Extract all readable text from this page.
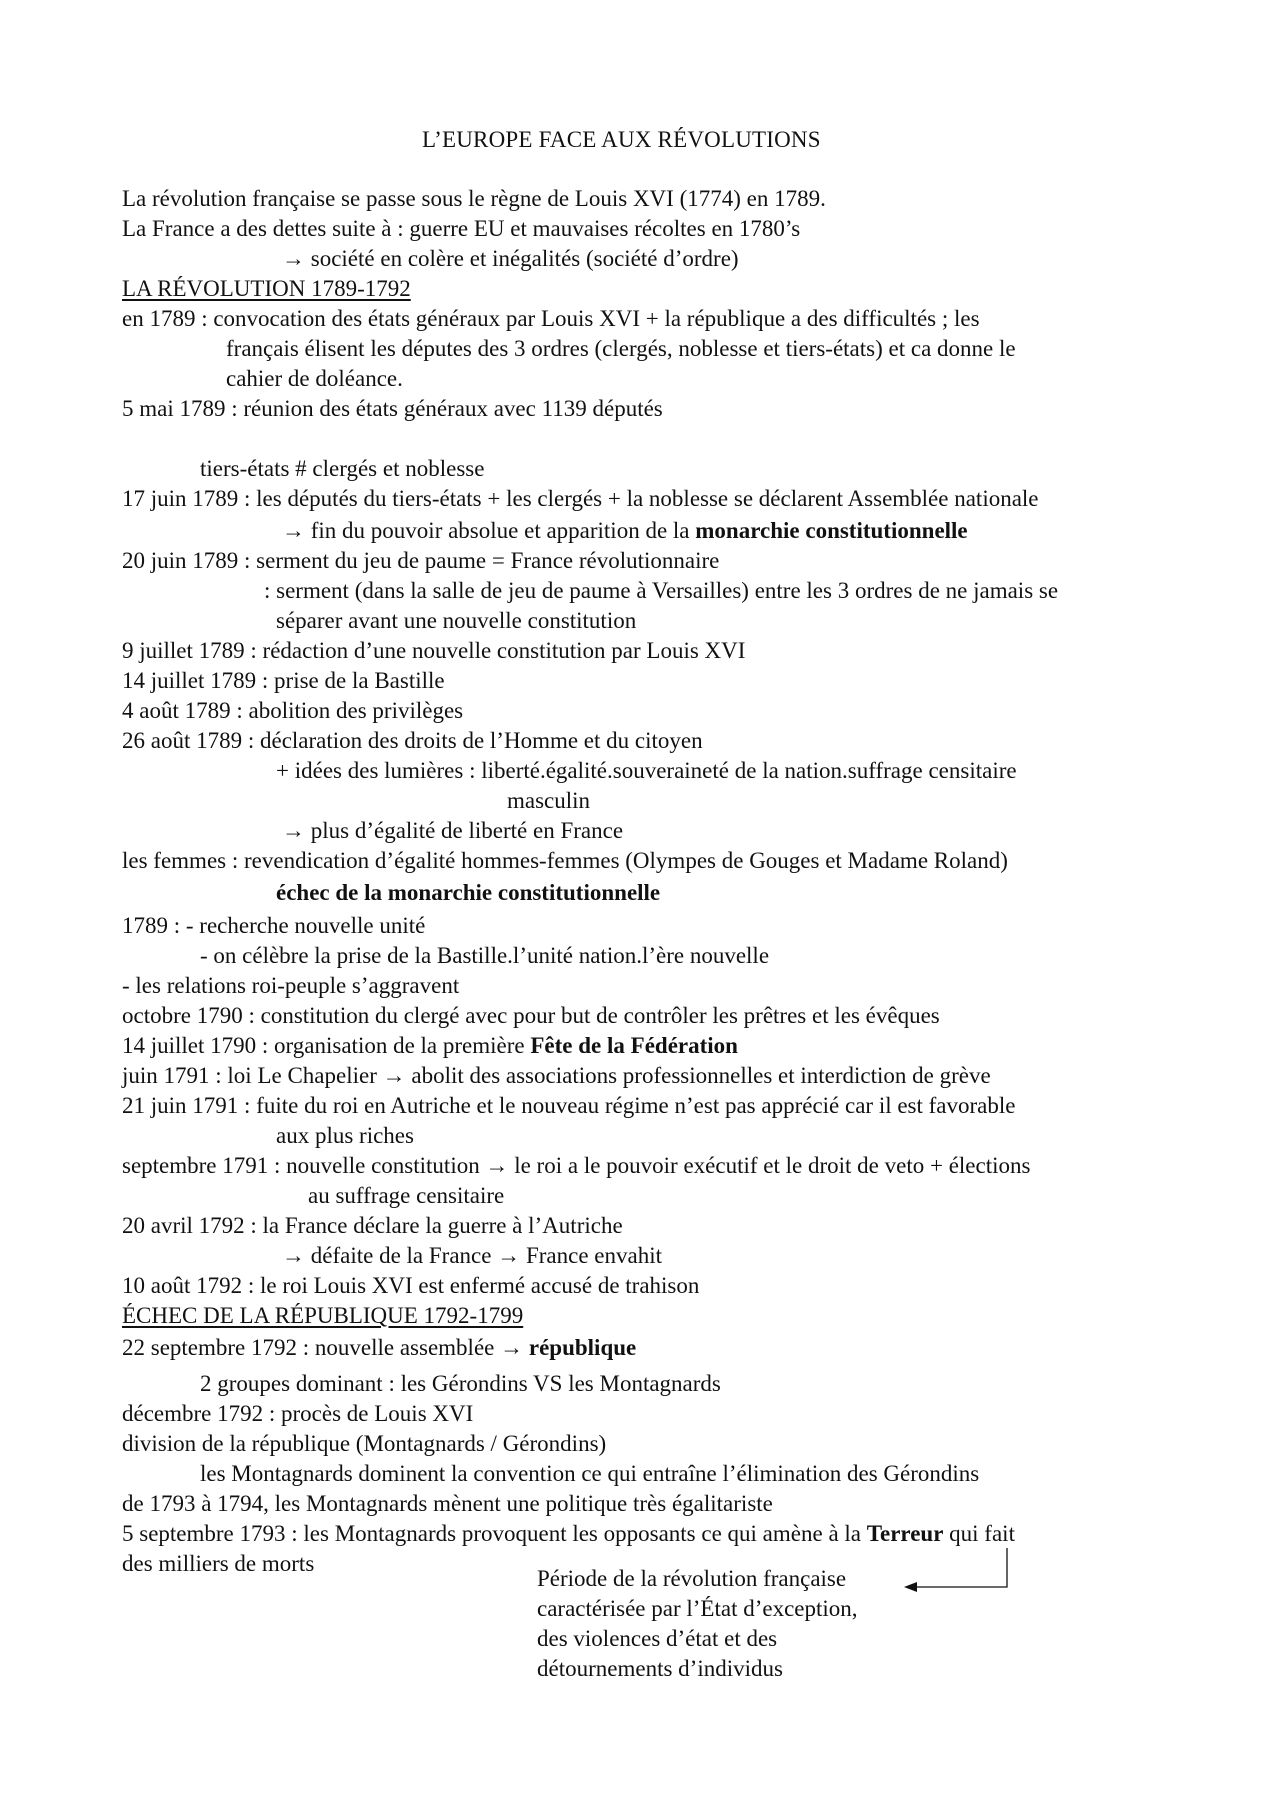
L’EUROPE FACE AUX RÉVOLUTIONS
La révolution française se passe sous le règne de Louis XVI (1774) en 1789.
La France a des dettes suite à : guerre EU et mauvaises récoltes en 1780’s
→ société en colère et inégalités (société d’ordre)
LA RÉVOLUTION 1789-1792
en 1789 : convocation des états généraux par Louis XVI + la république a des difficultés ; les
français élisent les députes des 3 ordres (clergés, noblesse et tiers-états) et ca donne le
cahier de doléance.
5 mai 1789 : réunion des états généraux avec 1139 députés
tiers-états # clergés et noblesse
17 juin 1789 : les députés du tiers-états + les clergés + la noblesse se déclarent Assemblée nationale
→ fin du pouvoir absolue et apparition de la monarchie constitutionnelle
20 juin 1789 : serment du jeu de paume = France révolutionnaire
: serment (dans la salle de jeu de paume à Versailles) entre les 3 ordres de ne jamais se
séparer avant une nouvelle constitution
9 juillet 1789 : rédaction d’une nouvelle constitution par Louis XVI
14 juillet 1789 : prise de la Bastille
4 août 1789 : abolition des privilèges
26 août 1789 : déclaration des droits de l’Homme et du citoyen
+ idées des lumières : liberté.égalité.souveraineté de la nation.suffrage censitaire
masculin
→ plus d’égalité de liberté en France
les femmes : revendication d’égalité hommes-femmes (Olympes de Gouges et Madame Roland)
échec de la monarchie constitutionnelle
1789 : - recherche nouvelle unité
- on célèbre la prise de la Bastille.l’unité nation.l’ère nouvelle
- les relations roi-peuple s’aggravent
octobre 1790 : constitution du clergé avec pour but de contrôler les prêtres et les évêques
14 juillet 1790 : organisation de la première Fête de la Fédération
juin 1791 : loi Le Chapelier → abolit des associations professionnelles et interdiction de grève
21 juin 1791 : fuite du roi en Autriche et le nouveau régime n’est pas apprécié car il est favorable
aux plus riches
septembre 1791 : nouvelle constitution → le roi a le pouvoir exécutif et le droit de veto + élections
au suffrage censitaire
20 avril 1792 : la France déclare la guerre à l’Autriche
→ défaite de la France → France envahit
10 août 1792 : le roi Louis XVI est enfermé accusé de trahison
ÉCHEC DE LA RÉPUBLIQUE 1792-1799
22 septembre 1792 : nouvelle assemblée → république
2 groupes dominant : les Gérondins VS les Montagnards
décembre 1792 : procès de Louis XVI
division de la république (Montagnards / Gérondins)
les Montagnards dominent la convention ce qui entraîne l’élimination des Gérondins
de 1793 à 1794, les Montagnards mènent une politique très égalitariste
5 septembre 1793 : les Montagnards provoquent les opposants ce qui amène à la Terreur qui fait
des milliers de morts
Période de la révolution française
caractérisée par l’État d’exception,
des violences d’état et des
détournements d’individus
